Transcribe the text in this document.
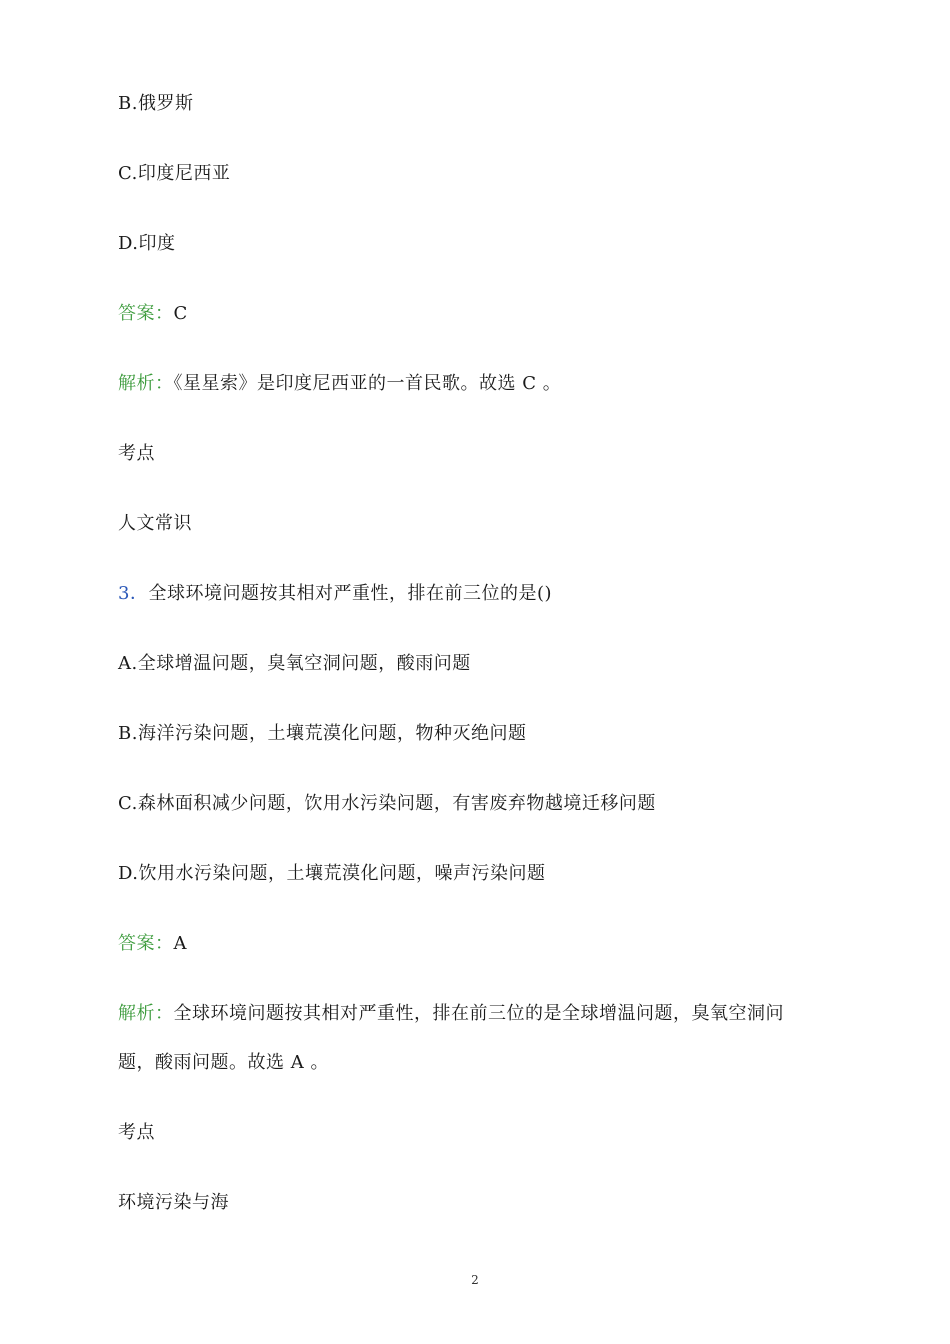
B.俄罗斯
C.印度尼西亚
D.印度
答案：C
解析：《星星索》是印度尼西亚的一首民歌。故选 C 。
考点
人文常识
3．全球环境问题按其相对严重性，排在前三位的是()
A.全球增温问题，臭氧空洞问题，酸雨问题
B.海洋污染问题，土壤荒漠化问题，物种灭绝问题
C.森林面积减少问题，饮用水污染问题，有害废弃物越境迁移问题
D.饮用水污染问题，土壤荒漠化问题，噪声污染问题
答案：A
解析：全球环境问题按其相对严重性，排在前三位的是全球增温问题，臭氧空洞问
题，酸雨问题。故选 A 。
考点
环境污染与海
2
